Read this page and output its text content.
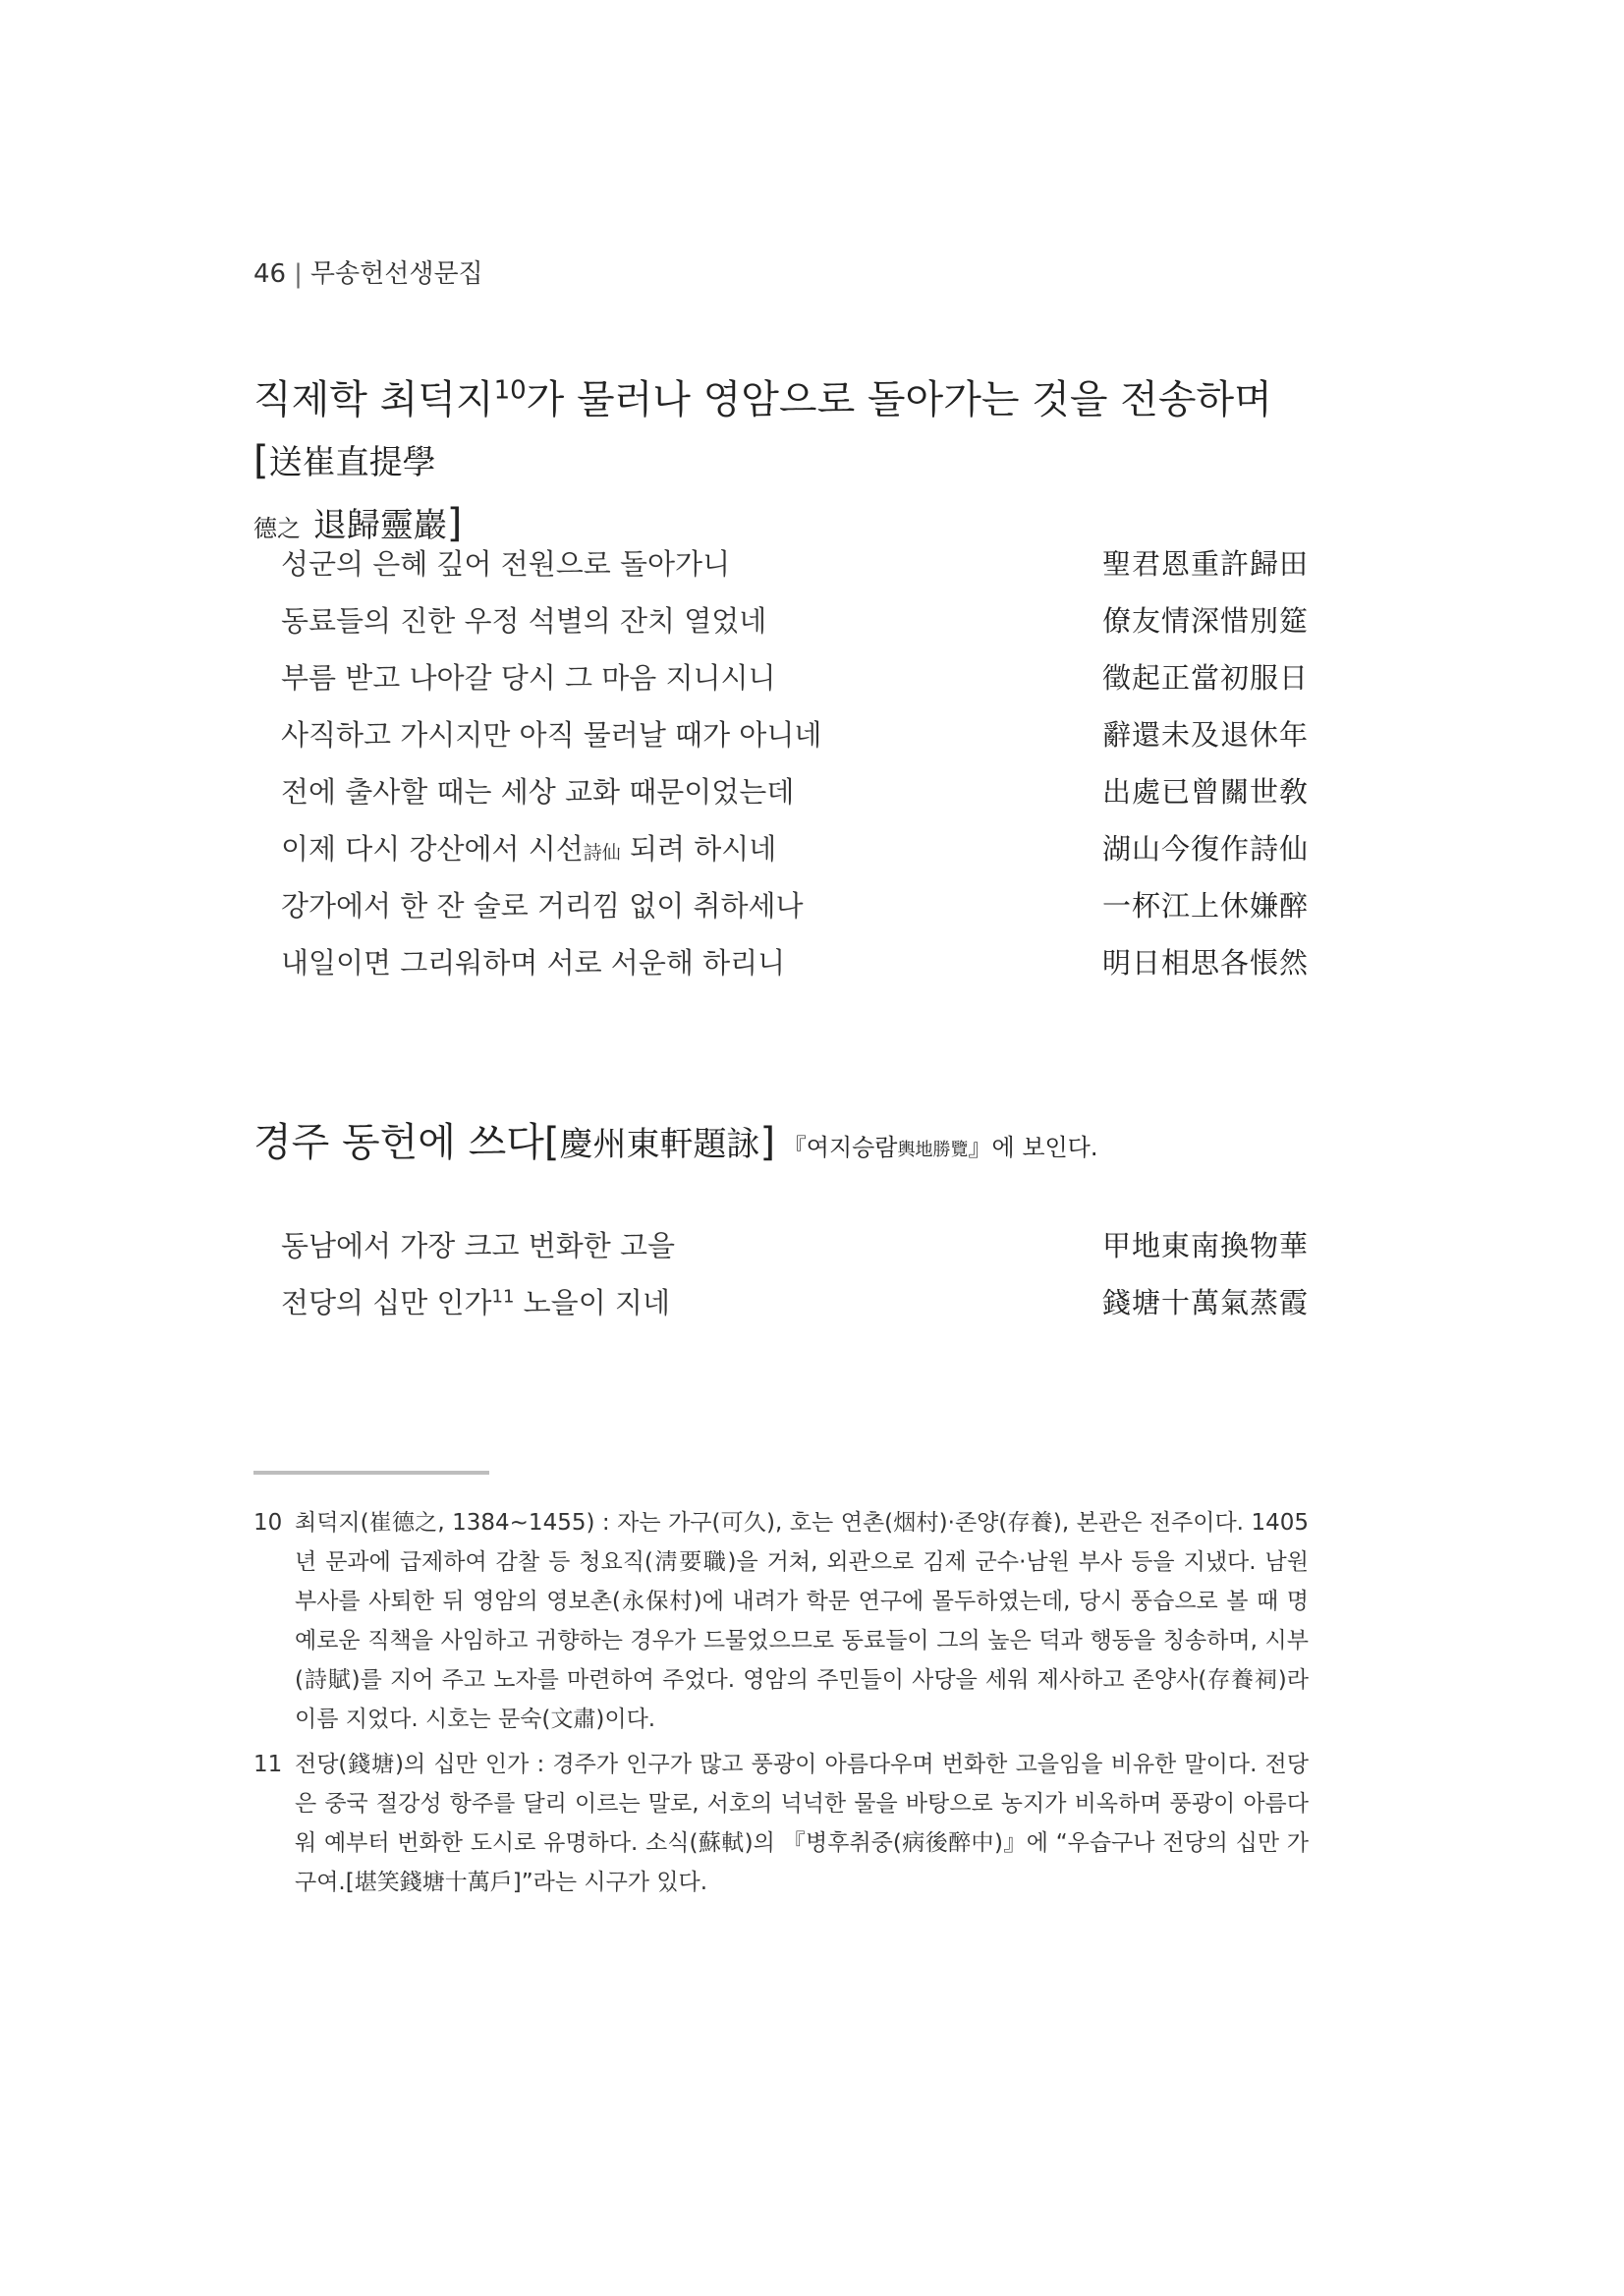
46 | 무송헌선생문집
직제학 최덕지$^{10}$가 물러나 영암으로 돌아가는 것을 전송하며[送崔直提學
德之 退歸靈巖]
성군의 은혜 깊어 전원으로 돌아가니	聖君恩重許歸田
동료들의 진한 우정 석별의 잔치 열었네	僚友情深惜別筵
부름 받고 나아갈 당시 그 마음 지니시니	徵起正當初服日
사직하고 가시지만 아직 물러날 때가 아니네	辭還未及退休年
전에 출사할 때는 세상 교화 때문이었는데	出處已曾關世敎
이제 다시 강산에서 시선詩仙 되려 하시네	湖山今復作詩仙
강가에서 한 잔 술로 거리낌 없이 취하세나	一杯江上休嫌醉
내일이면 그리워하며 서로 서운해 하리니	明日相思各悵然
경주 동헌에 쓰다[慶州東軒題詠] 『여지승람輿地勝覽』에 보인다.
동남에서 가장 크고 번화한 고을	甲地東南換物華
전당의 십만 인가$^{11}$ 노을이 지네	錢塘十萬氣蒸霞
10 최덕지(崔德之, 1384~1455) : 자는 가구(可久), 호는 연촌(烟村)·존양(存養), 본관은 전주이다. 1405년 문과에 급제하여 감찰 등 청요직(淸要職)을 거쳐, 외관으로 김제 군수·남원 부사 등을 지냈다. 남원 부사를 사퇴한 뒤 영암의 영보촌(永保村)에 내려가 학문 연구에 몰두하였는데, 당시 풍습으로 볼 때 명예로운 직책을 사임하고 귀향하는 경우가 드물었으므로 동료들이 그의 높은 덕과 행동을 칭송하며, 시부(詩賦)를 지어 주고 노자를 마련하여 주었다. 영암의 주민들이 사당을 세워 제사하고 존양사(存養祠)라 이름 지었다. 시호는 문숙(文肅)이다.
11 전당(錢塘)의 십만 인가 : 경주가 인구가 많고 풍광이 아름다우며 번화한 고을임을 비유한 말이다. 전당은 중국 절강성 항주를 달리 이르는 말로, 서호의 넉넉한 물을 바탕으로 농지가 비옥하며 풍광이 아름다워 예부터 번화한 도시로 유명하다. 소식(蘇軾)의 『병후취중(病後醉中)』에 “우습구나 전당의 십만 가구여.[堪笑錢塘十萬戶]”라는 시구가 있다.
